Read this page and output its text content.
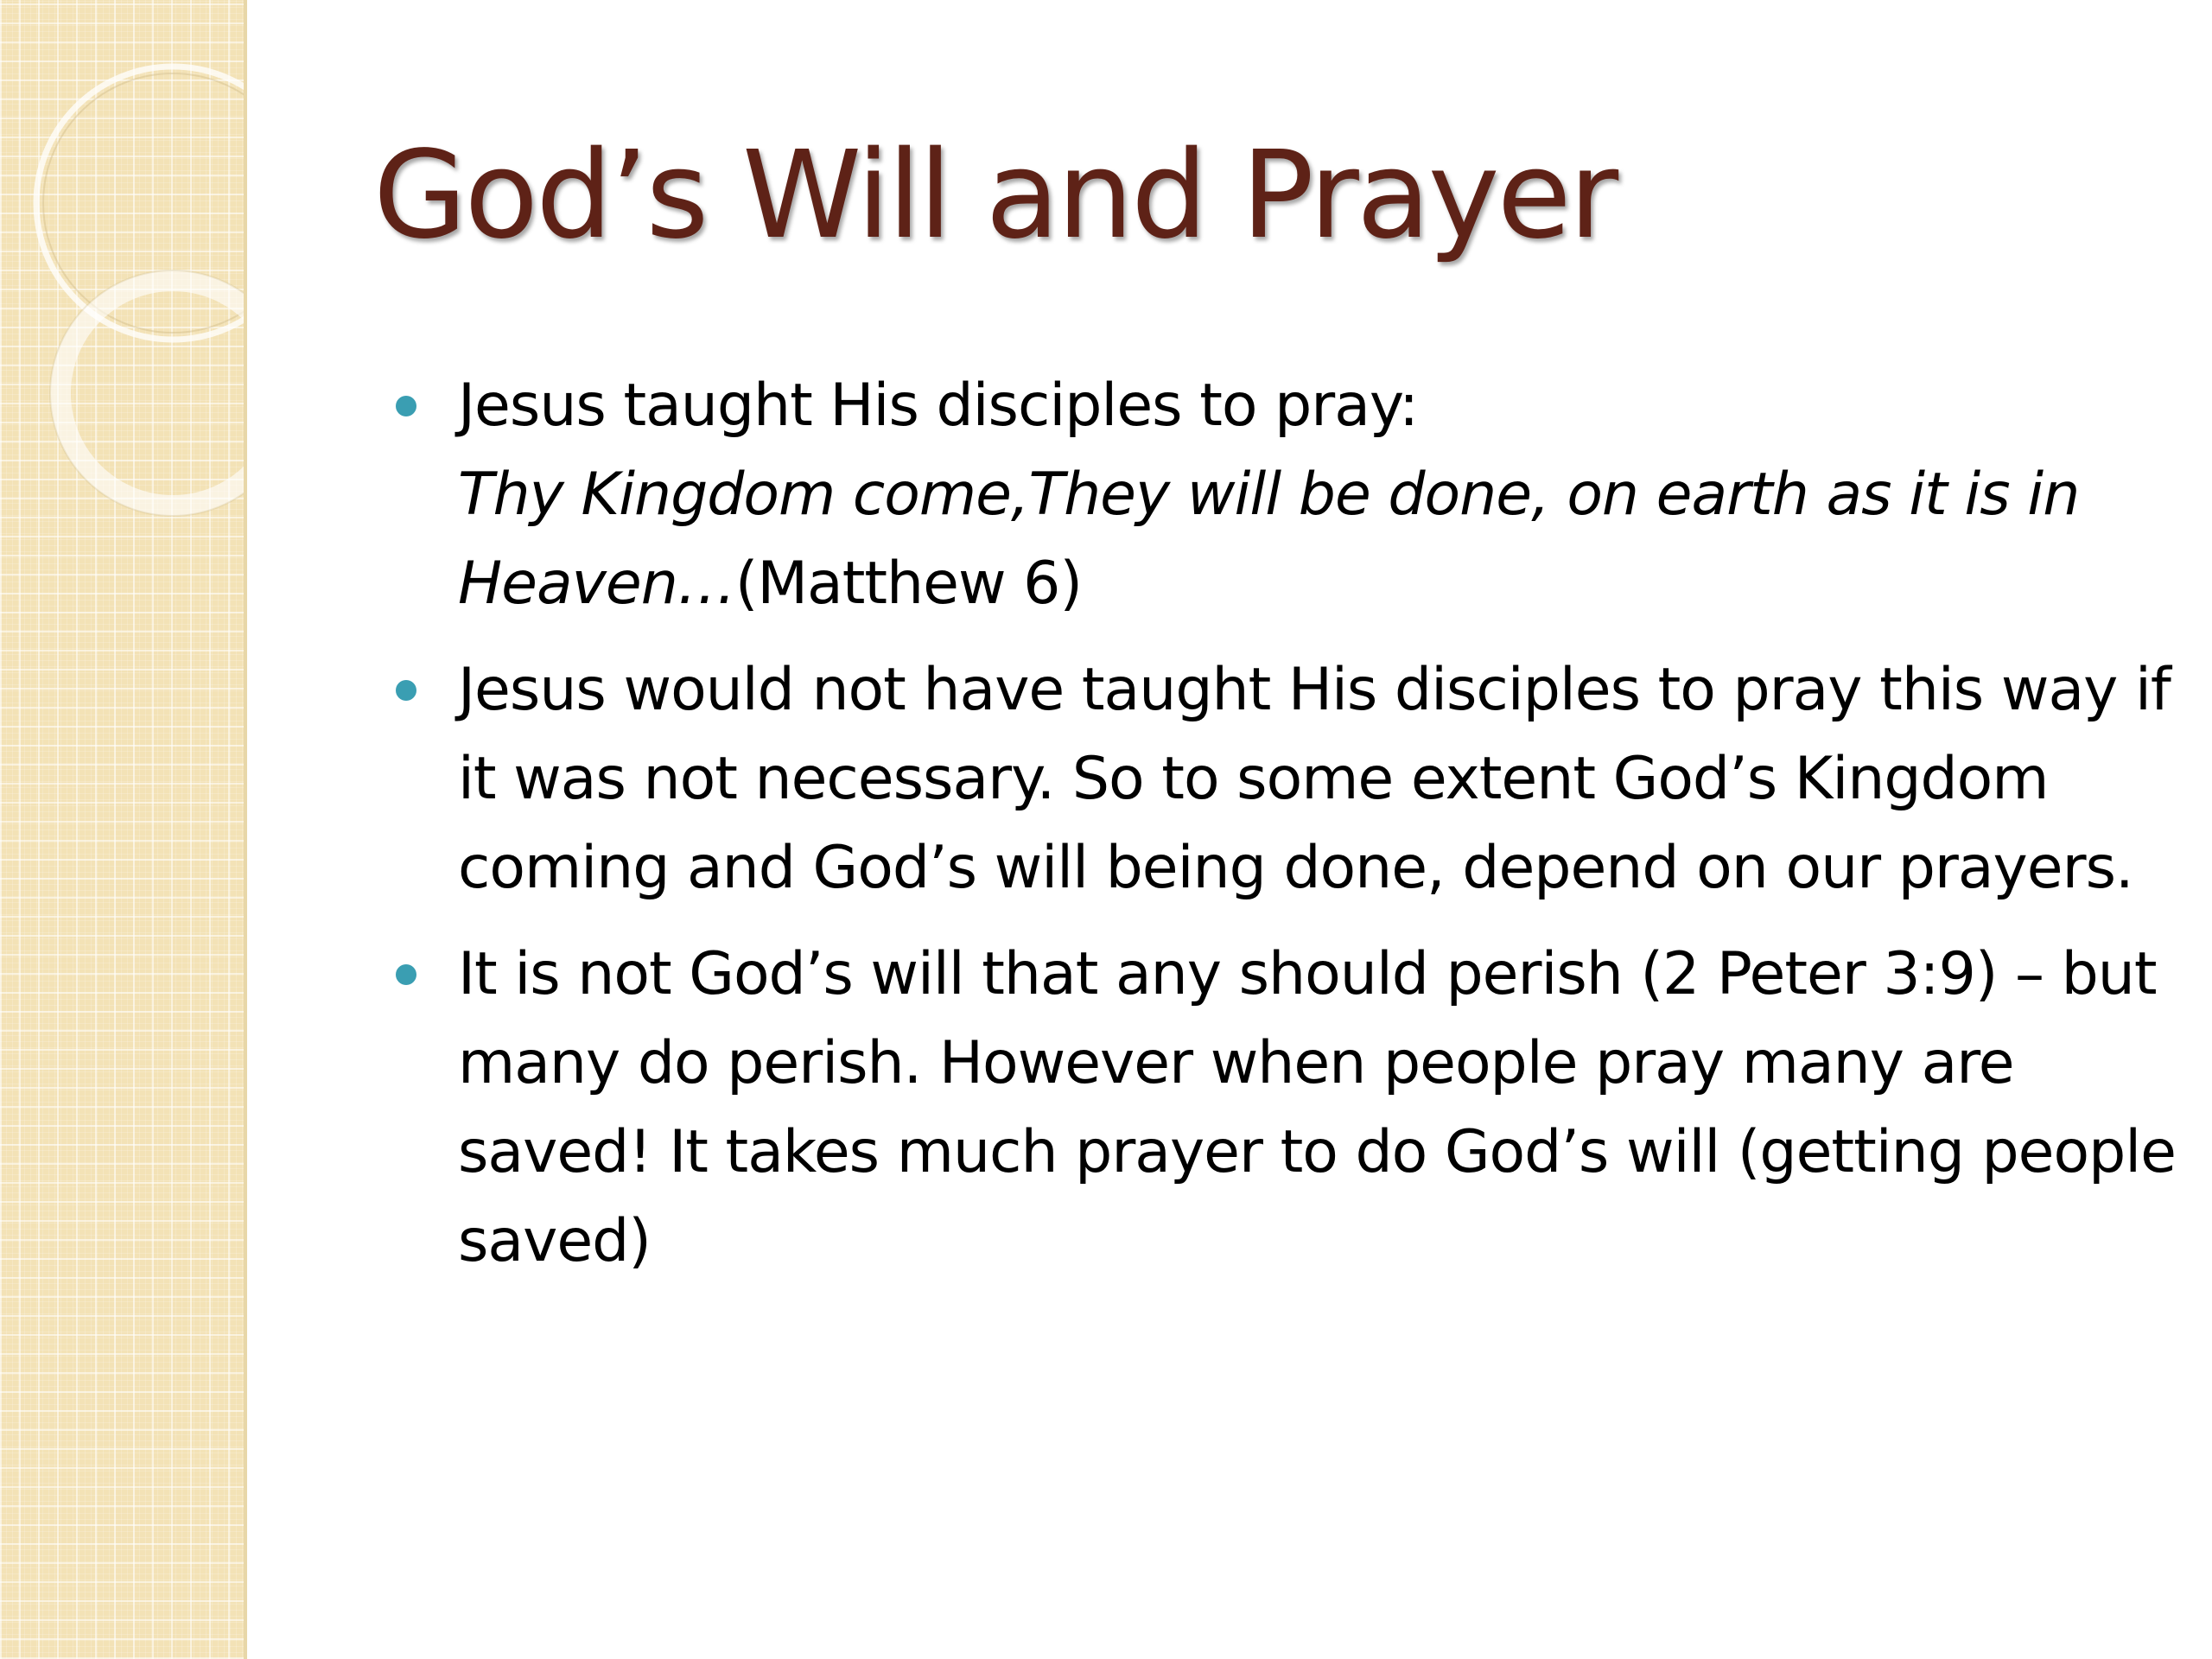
God’s Will and Prayer
Jesus taught His disciples to pray:
Thy Kingdom come,They will be done, on earth as it is in Heaven…(Matthew 6)
Jesus would not have taught His disciples to pray this way if it was not necessary. So to some extent God’s Kingdom coming and God’s will being done, depend on our prayers.
It is not God’s will that any should perish (2 Peter 3:9) – but many do perish. However when people pray many are saved! It takes much prayer to do God’s will (getting people saved)
